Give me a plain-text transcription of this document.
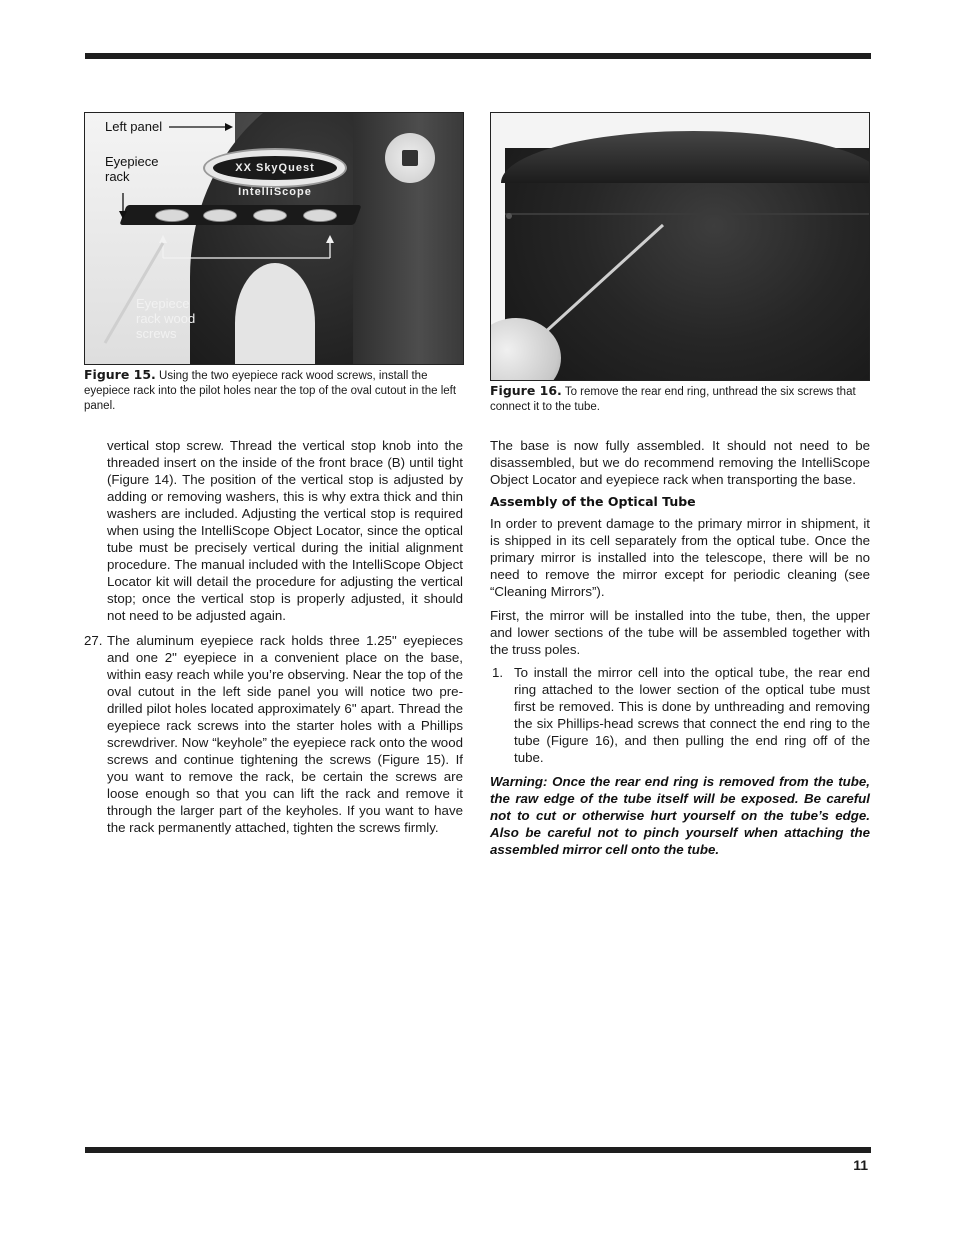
XX SkyQuest IntelliScope
Left panel
Eyepiece rack
Eyepiece rack wood screws
Figure 15. Using the two eyepiece rack wood screws, install the eyepiece rack into the pilot holes near the top of the oval cutout in the left panel.
Figure 16. To remove the rear end ring, unthread the six screws that connect it to the tube.
vertical stop screw. Thread the vertical stop knob into the threaded insert on the inside of the front brace (B) until tight (Figure 14). The position of the vertical stop is adjusted by adding or removing washers, this is why extra thick and thin washers are included. Adjusting the vertical stop is required when using the IntelliScope Object Locator, since the optical tube must be precisely vertical during the initial alignment procedure. The manual included with the IntelliScope Object Locator kit will detail the procedure for adjusting the vertical stop; once the vertical stop is properly adjusted, it should not need to be adjusted again.
27. The aluminum eyepiece rack holds three 1.25" eyepieces and one 2" eyepiece in a convenient place on the base, within easy reach while you’re observing. Near the top of the oval cutout in the left side panel you will notice two pre-drilled pilot holes located approximately 6" apart. Thread the eyepiece rack screws into the starter holes with a Phillips screwdriver. Now “keyhole” the eyepiece rack onto the wood screws and continue tightening the screws (Figure 15). If you want to remove the rack, be certain the screws are loose enough so that you can lift the rack and remove it through the larger part of the keyholes. If you want to have the rack permanently attached, tighten the screws firmly.
The base is now fully assembled. It should not need to be disassembled, but we do recommend removing the IntelliScope Object Locator and eyepiece rack when transporting the base.
Assembly of the Optical Tube
In order to prevent damage to the primary mirror in shipment, it is shipped in its cell separately from the optical tube. Once the primary mirror is installed into the telescope, there will be no need to remove the mirror except for periodic cleaning (see “Cleaning Mirrors”).
First, the mirror will be installed into the tube, then, the upper and lower sections of the tube will be assembled together with the truss poles.
1. To install the mirror cell into the optical tube, the rear end ring attached to the lower section of the optical tube must first be removed. This is done by unthreading and removing the six Phillips-head screws that connect the end ring to the tube (Figure 16), and then pulling the end ring off of the tube.
Warning: Once the rear end ring is removed from the tube, the raw edge of the tube itself will be exposed. Be careful not to cut or otherwise hurt yourself on the tube’s edge. Also be careful not to pinch yourself when attaching the assembled mirror cell onto the tube.
11
